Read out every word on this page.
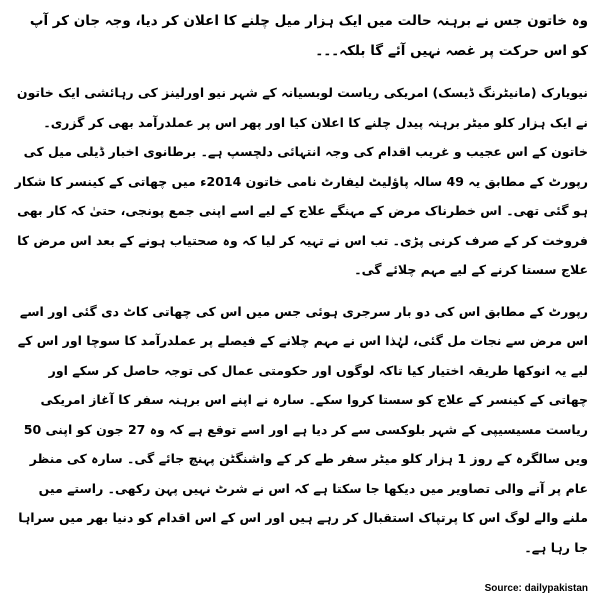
وہ خاتون جس نے برہنہ حالت میں ایک ہزار میل چلنے کا اعلان کر دیا، وجہ جان کر آپ کو اس حرکت پر غصہ نہیں آئے گا بلکہ۔۔۔
نیویارک (مانیٹرنگ ڈیسک) امریکی ریاست لوبسیانہ کے شہر نیو اورلینز کی رہائشی ایک خاتون نے ایک ہزار کلو میٹر برہنہ پیدل چلنے کا اعلان کیا اور پھر اس پر عملدرآمد بھی کر گزری۔ خاتون کے اس عجیب و غریب اقدام کی وجہ انتہائی دلچسپ ہے۔ برطانوی اخبار ڈیلی میل کی رپورٹ کے مطابق یہ 49 سالہ پاؤلیٹ لیفارٹ نامی خاتون 2014ء میں چھاتی کے کینسر کا شکار ہو گئی تھی۔ اس خطرناک مرض کے مہنگے علاج کے لیے اسے اپنی جمع پونجی، حتیٰ کہ کار بھی فروخت کر کے صرف کرنی پڑی۔ تب اس نے تہیہ کر لیا کہ وہ صحتیاب ہونے کے بعد اس مرض کا علاج سستا کرنے کے لیے مہم چلائے گی۔
رپورٹ کے مطابق اس کی دو بار سرجری ہوئی جس میں اس کی چھاتی کاٹ دی گئی اور اسے اس مرض سے نجات مل گئی، لہٰذا اس نے مہم چلانے کے فیصلے پر عملدرآمد کا سوچا اور اس کے لیے یہ انوکھا طریقہ اختیار کیا تاکہ لوگوں اور حکومتی عمال کی توجہ حاصل کر سکے اور چھاتی کے کینسر کے علاج کو سستا کروا سکے۔ سارہ نے اپنے اس برہنہ سفر کا آغاز امریکی ریاست مسیسیپی کے شہر بلوکسی سے کر دیا ہے اور اسے توقع ہے کہ وہ 27 جون کو اپنی 50 ویں سالگرہ کے روز 1 ہزار کلو میٹر سفر طے کر کے واشنگٹن پہنچ جائے گی۔ سارہ کی منظر عام پر آنے والی تصاویر میں دیکھا جا سکتا ہے کہ اس نے شرٹ نہیں پہن رکھی۔ راستے میں ملنے والے لوگ اس کا پرتپاک استقبال کر رہے ہیں اور اس کے اس اقدام کو دنیا بھر میں سراہا جا رہا ہے۔
Source: dailypakistan
